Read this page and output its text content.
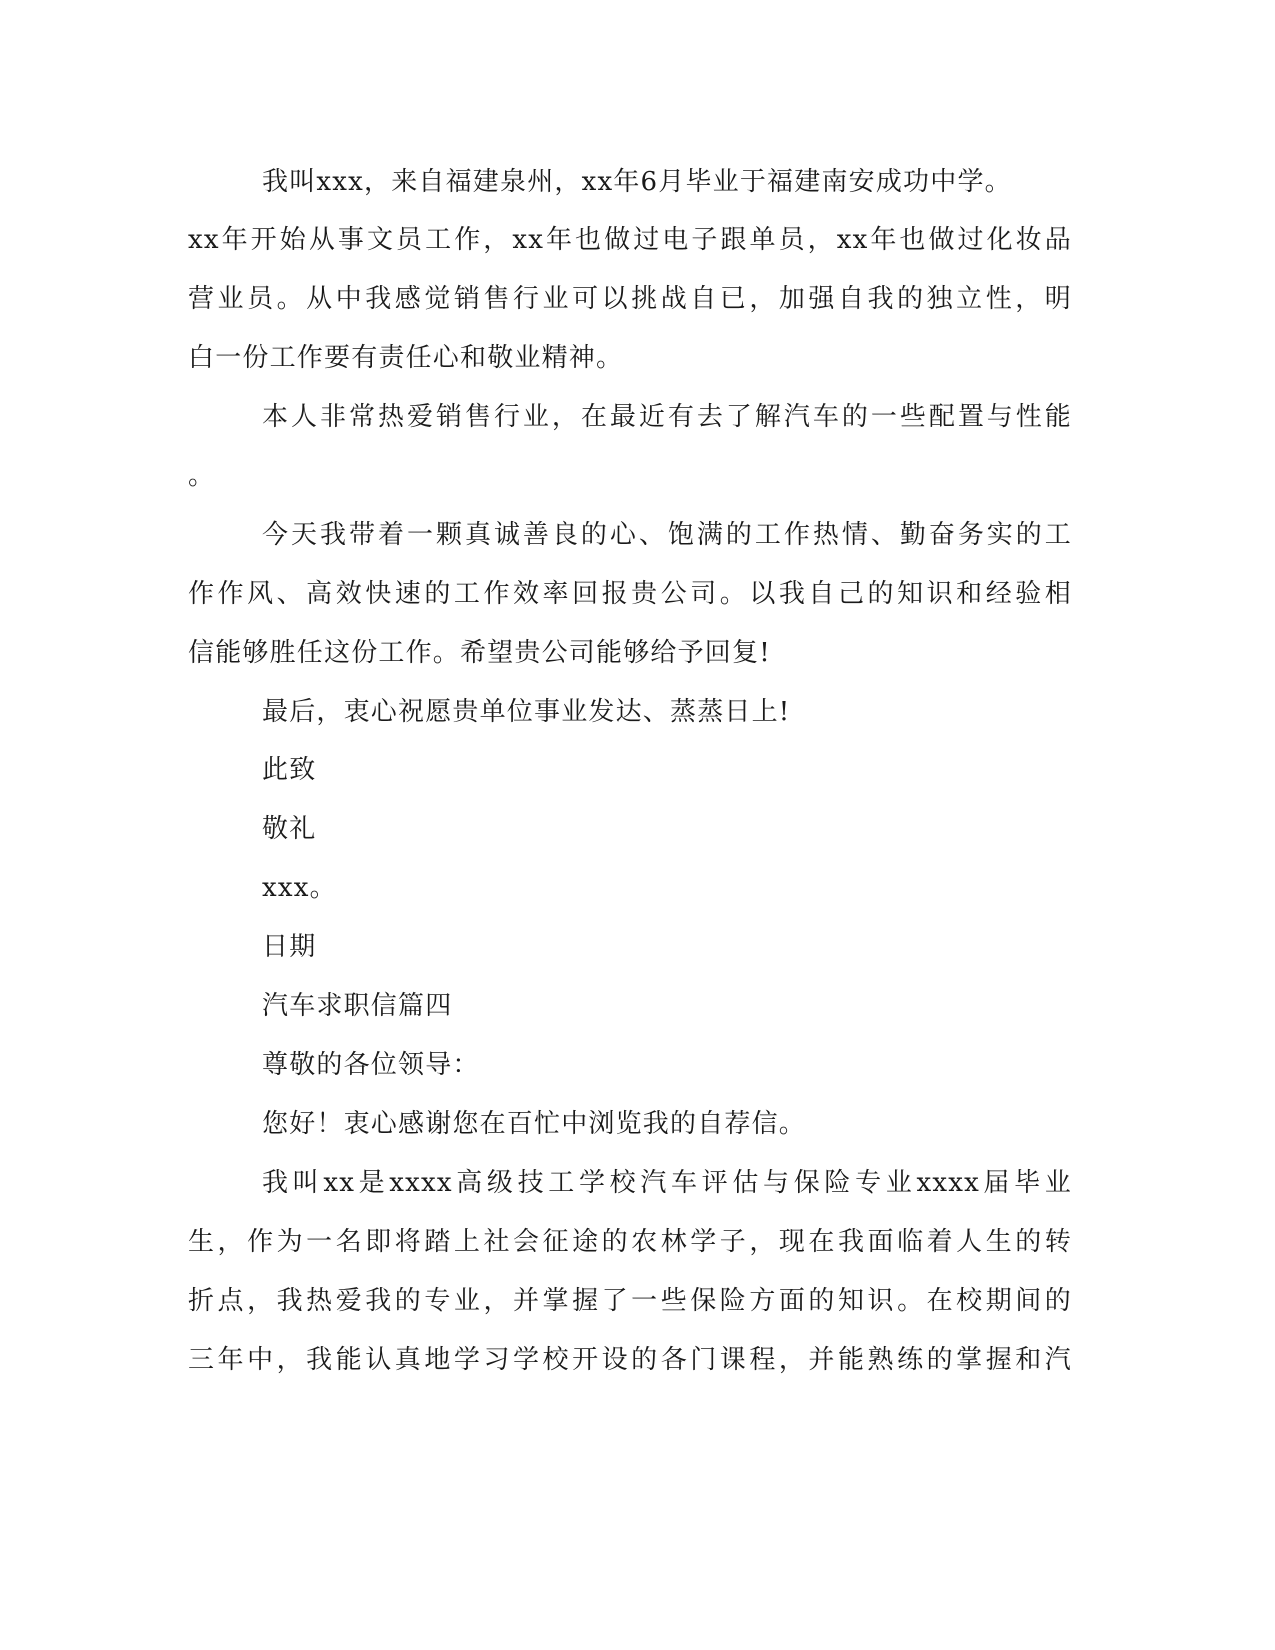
我叫xxx，来自福建泉州，xx年6月毕业于福建南安成功中学。
xx年开始从事文员工作，xx年也做过电子跟单员，xx年也做过化妆品
营业员。从中我感觉销售行业可以挑战自已，加强自我的独立性，明
白一份工作要有责任心和敬业精神。
本人非常热爱销售行业，在最近有去了解汽车的一些配置与性能
。
今天我带着一颗真诚善良的心、饱满的工作热情、勤奋务实的工
作作风、高效快速的工作效率回报贵公司。以我自己的知识和经验相
信能够胜任这份工作。希望贵公司能够给予回复!
最后，衷心祝愿贵单位事业发达、蒸蒸日上!
此致
敬礼
xxx。
日期
汽车求职信篇四
尊敬的各位领导：
您好！衷心感谢您在百忙中浏览我的自荐信。
我叫xx是xxxx高级技工学校汽车评估与保险专业xxxx届毕业
生，作为一名即将踏上社会征途的农林学子，现在我面临着人生的转
折点，我热爱我的专业，并掌握了一些保险方面的知识。在校期间的
三年中，我能认真地学习学校开设的各门课程，并能熟练的掌握和汽
